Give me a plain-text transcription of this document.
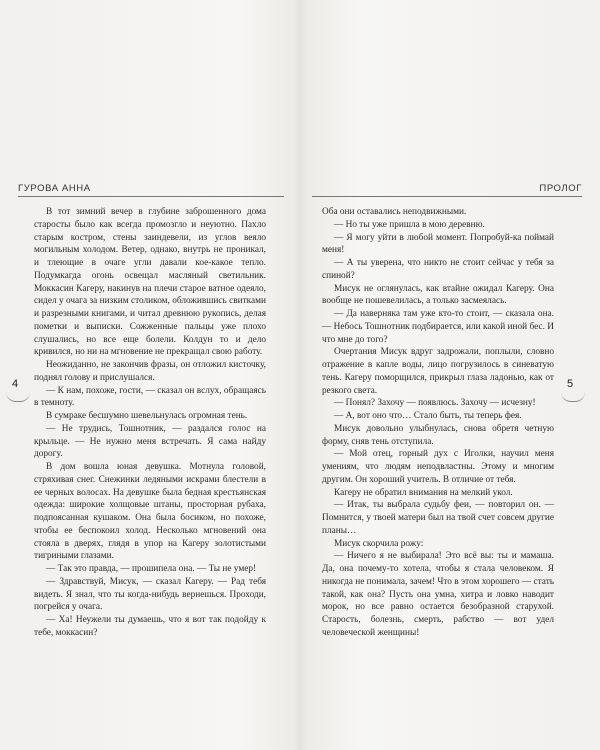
ГУРОВА АННА
4

В тот зимний вечер в глубине заброшенного дома старосты было как всегда промозгло и неуютно. Пахло старым костром, стены заиндевели, из углов веяло могильным холодом. Ветер, однако, внутрь не проникал, и тлеющие в очаге угли давали кое-какое тепло. Подумкагда огонь освещал масляный светильник. Моккасин Кагеру, накинув на плечи старое ватное одеяло, сидел у очага за низким столиком, обложившись свитками и разрезными книгами, и читал древнюю рукопись, делая пометки и выписки. Сожженные пальцы уже плохо слушались, но все еще болели. Колдун то и дело кривился, но ни на мгновение не прекращал свою работу.

Неожиданно, не закончив фразы, он отложил кисточку, поднял голову и прислушался.

— К нам, похоже, гости, — сказал он вслух, обращаясь в темноту.

В сумраке бесшумно шевельнулась огромная тень.

— Не трудись, Тошнотник, — раздался голос на крыльце. — Не нужно меня встречать. Я сама найду дорогу.

В дом вошла юная девушка. Мотнула головой, стряхивая снег. Снежинки ледяными искрами блестели в ее черных волосах. На девушке была бедная крестьянская одежда: широкие холщовые штаны, просторная рубаха, подпоясанная кушаком. Она была босиком, но похоже, чтобы ее беспокоил холод. Несколько мгновений она стояла в дверях, глядя в упор на Кагеру золотистыми тигриными глазами.

— Так это правда, — прошипела она. — Ты не умер!

— Здравствуй, Мисук, — сказал Кагеру. — Рад тебя видеть. Я знал, что ты когда-нибудь вернешься. Проходи, погрейся у очага.

— Ха! Неужели ты думаешь, что я вот так подойду к тебе, моккасин?

ПРОЛОГ
5

Оба они оставались неподвижными.

— Но ты уже пришла в мою деревню.

— Я могу уйти в любой момент. Попробуй-ка поймай меня!

— А ты уверена, что никто не стоит сейчас у тебя за спиной?

Мисук не оглянулась, как втайне ожидал Кагеру. Она вообще не пошевелилась, а только засмеялась.

— Да наверняка там уже кто-то стоит, — сказала она. — Небось Тошнотник подбирается, или какой иной бес. И что мне до того?

Очертания Мисук вдруг задрожали, поплыли, словно отражение в капле воды, лицо погрузилось в синеватую тень. Кагеру поморщился, прикрыл глаза ладонью, как от резкого света.

— Понял? Захочу — появлюсь. Захочу — исчезну!

— А, вот оно что… Стало быть, ты теперь фея.

Мисук довольно улыбнулась, снова обретя четную форму, сняв тень отступила.

— Мой отец, горный дух с Иголки, научил меня умениям, что людям неподвластны. Этому и многим другим. Он хороший учитель. В отличие от тебя.

Кагеру не обратил внимания на мелкий укол.

— Итак, ты выбрала судьбу феи, — повторил он. — Помнится, у твоей матери был на твой счет совсем другие планы…

Мисук скорчила рожу:

— Ничего я не выбирала! Это всё вы: ты и мамаша. Да, она почему-то хотела, чтобы я стала человеком. Я никогда не понимала, зачем! Что в этом хорошего — стать такой, как она? Пусть она умна, хитра и ловко наводит морок, но все равно остается безобразной старухой. Старость, болезнь, смерть, рабство — вот удел человеческой женщины!
